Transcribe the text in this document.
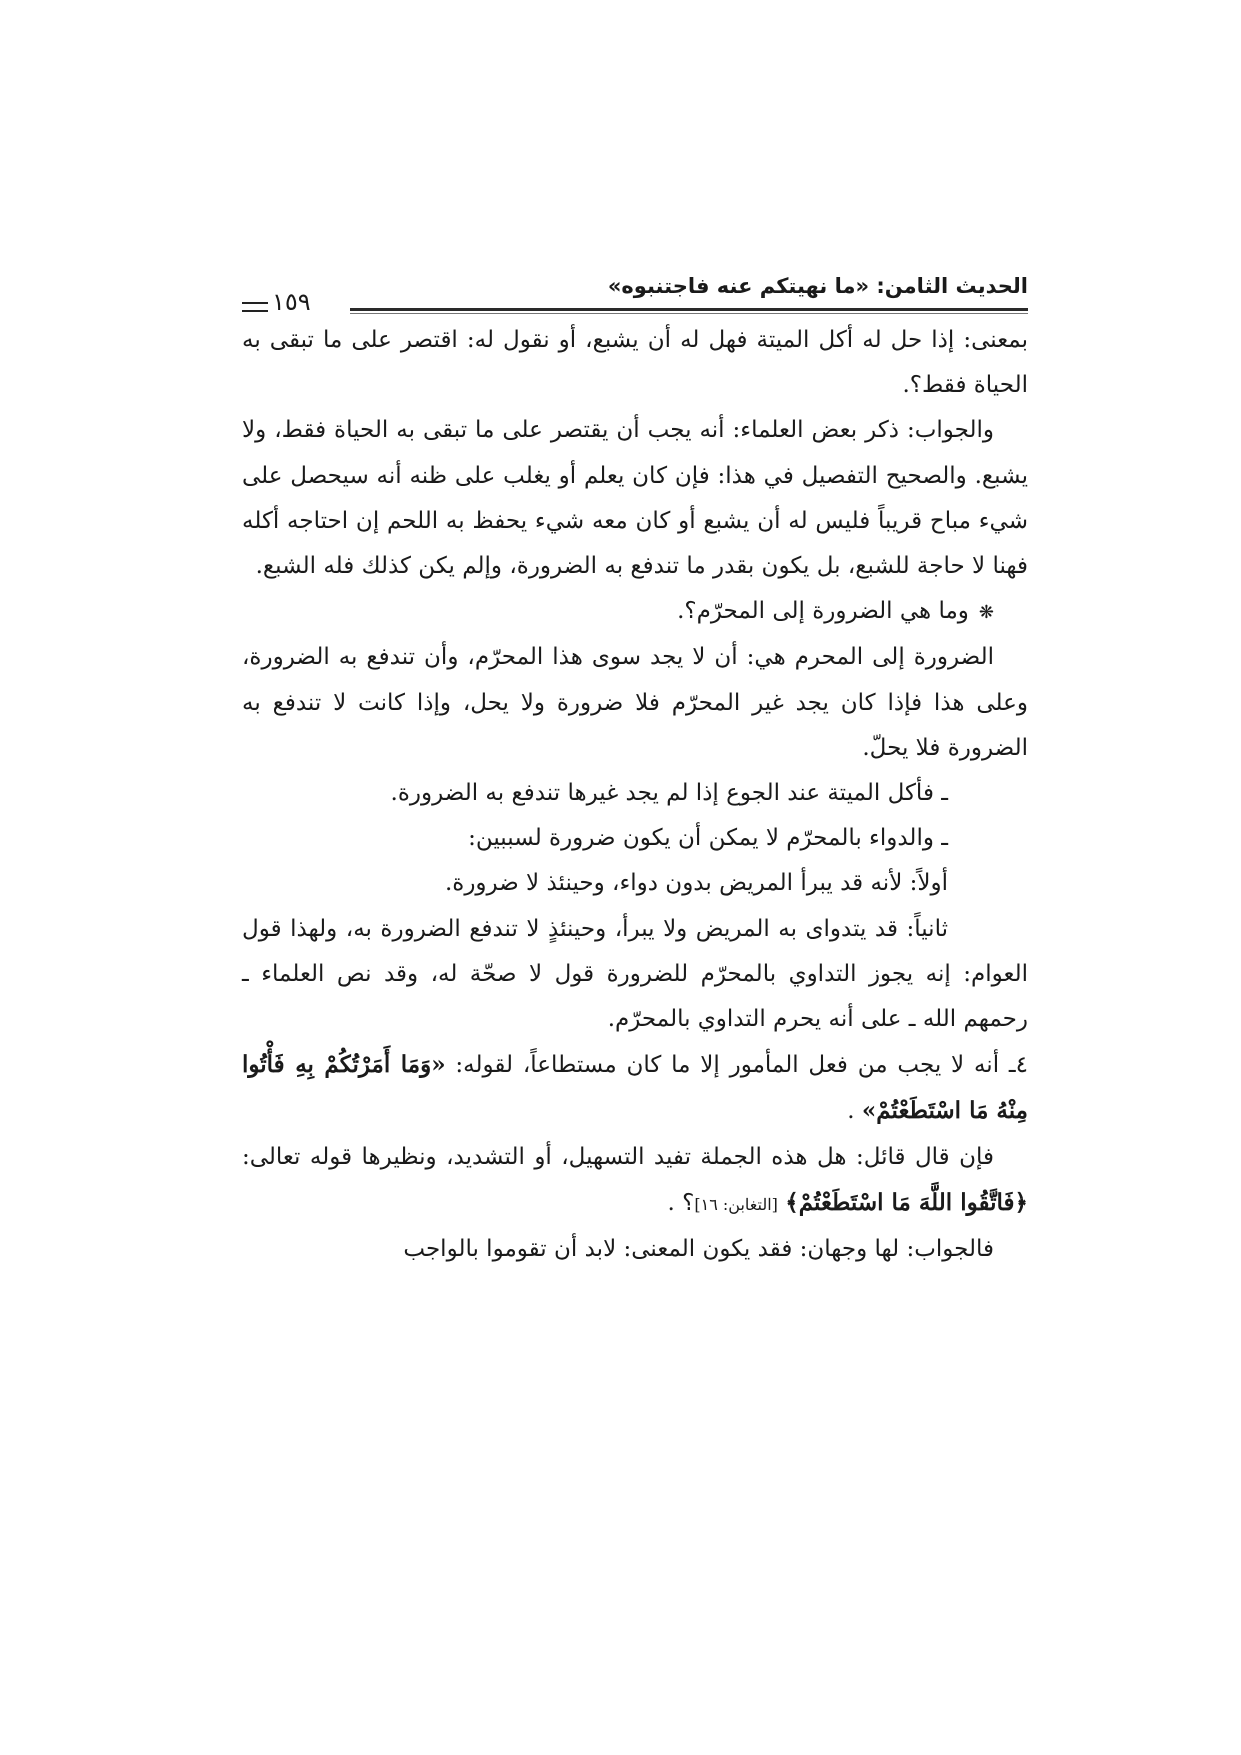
الحديث الثامن: «ما نهيتكم عنه فاجتنبوه»
١٥٩

بمعنى: إذا حل له أكل الميتة فهل له أن يشبع، أو نقول له: اقتصر على ما تبقى به الحياة فقط؟.

والجواب: ذكر بعض العلماء: أنه يجب أن يقتصر على ما تبقى به الحياة فقط، ولا يشبع. والصحيح التفصيل في هذا: فإن كان يعلم أو يغلب على ظنه أنه سيحصل على شيء مباح قريباً فليس له أن يشبع أو كان معه شيء يحفظ به اللحم إن احتاجه أكله فهنا لا حاجة للشبع، بل يكون بقدر ما تندفع به الضرورة، وإلم يكن كذلك فله الشبع.

❋وما هي الضرورة إلى المحرّم؟.

الضرورة إلى المحرم هي: أن لا يجد سوى هذا المحرّم، وأن تندفع به الضرورة، وعلى هذا فإذا كان يجد غير المحرّم فلا ضرورة ولا يحل، وإذا كانت لا تندفع به الضرورة فلا يحلّ.

ـ فأكل الميتة عند الجوع إذا لم يجد غيرها تندفع به الضرورة.

ـ والدواء بالمحرّم لا يمكن أن يكون ضرورة لسببين:

أولاً: لأنه قد يبرأ المريض بدون دواء، وحينئذ لا ضرورة.

ثانياً: قد يتدواى به المريض ولا يبرأ، وحينئذٍ لا تندفع الضرورة به، ولهذا قول العوام: إنه يجوز التداوي بالمحرّم للضرورة قول لا صحّة له، وقد نص العلماء ـ رحمهم الله ـ على أنه يحرم التداوي بالمحرّم.

٤ـ أنه لا يجب من فعل المأمور إلا ما كان مستطاعاً، لقوله: «وَمَا أَمَرْتُكُمْ بِهِ فَأْتُوا مِنْهُ مَا اسْتَطَعْتُمْ» .

فإن قال قائل: هل هذه الجملة تفيد التسهيل، أو التشديد، ونظيرها قوله تعالى: ﴿فَاتَّقُوا اللَّهَ مَا اسْتَطَعْتُمْ﴾ [التغابن: ١٦]؟ .

فالجواب: لها وجهان: فقد يكون المعنى: لابد أن تقوموا بالواجب
